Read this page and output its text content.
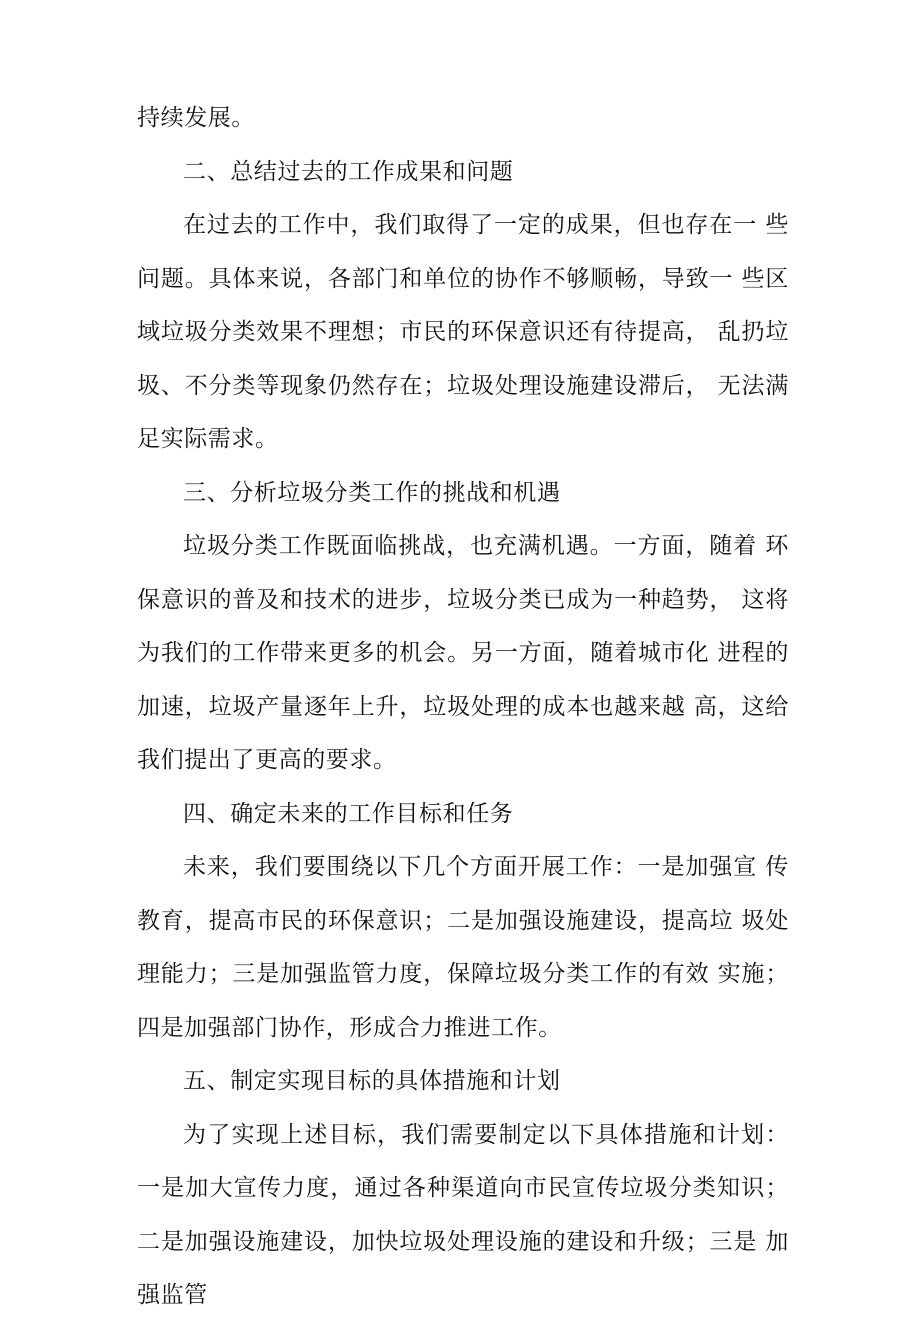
持续发展。

二、总结过去的工作成果和问题

在过去的工作中，我们取得了一定的成果，但也存在一 些问题。具体来说，各部门和单位的协作不够顺畅，导致一 些区域垃圾分类效果不理想；市民的环保意识还有待提高， 乱扔垃圾、不分类等现象仍然存在；垃圾处理设施建设滞后， 无法满足实际需求。

三、分析垃圾分类工作的挑战和机遇

垃圾分类工作既面临挑战，也充满机遇。一方面，随着 环保意识的普及和技术的进步，垃圾分类已成为一种趋势， 这将为我们的工作带来更多的机会。另一方面，随着城市化 进程的加速，垃圾产量逐年上升，垃圾处理的成本也越来越 高，这给我们提出了更高的要求。

四、确定未来的工作目标和任务

未来，我们要围绕以下几个方面开展工作：一是加强宣 传教育，提高市民的环保意识；二是加强设施建设，提高垃 圾处理能力；三是加强监管力度，保障垃圾分类工作的有效 实施；四是加强部门协作，形成合力推进工作。

五、制定实现目标的具体措施和计划

为了实现上述目标，我们需要制定以下具体措施和计划：一是加大宣传力度，通过各种渠道向市民宣传垃圾分类知识；二是加强设施建设，加快垃圾处理设施的建设和升级；三是 加强监管
